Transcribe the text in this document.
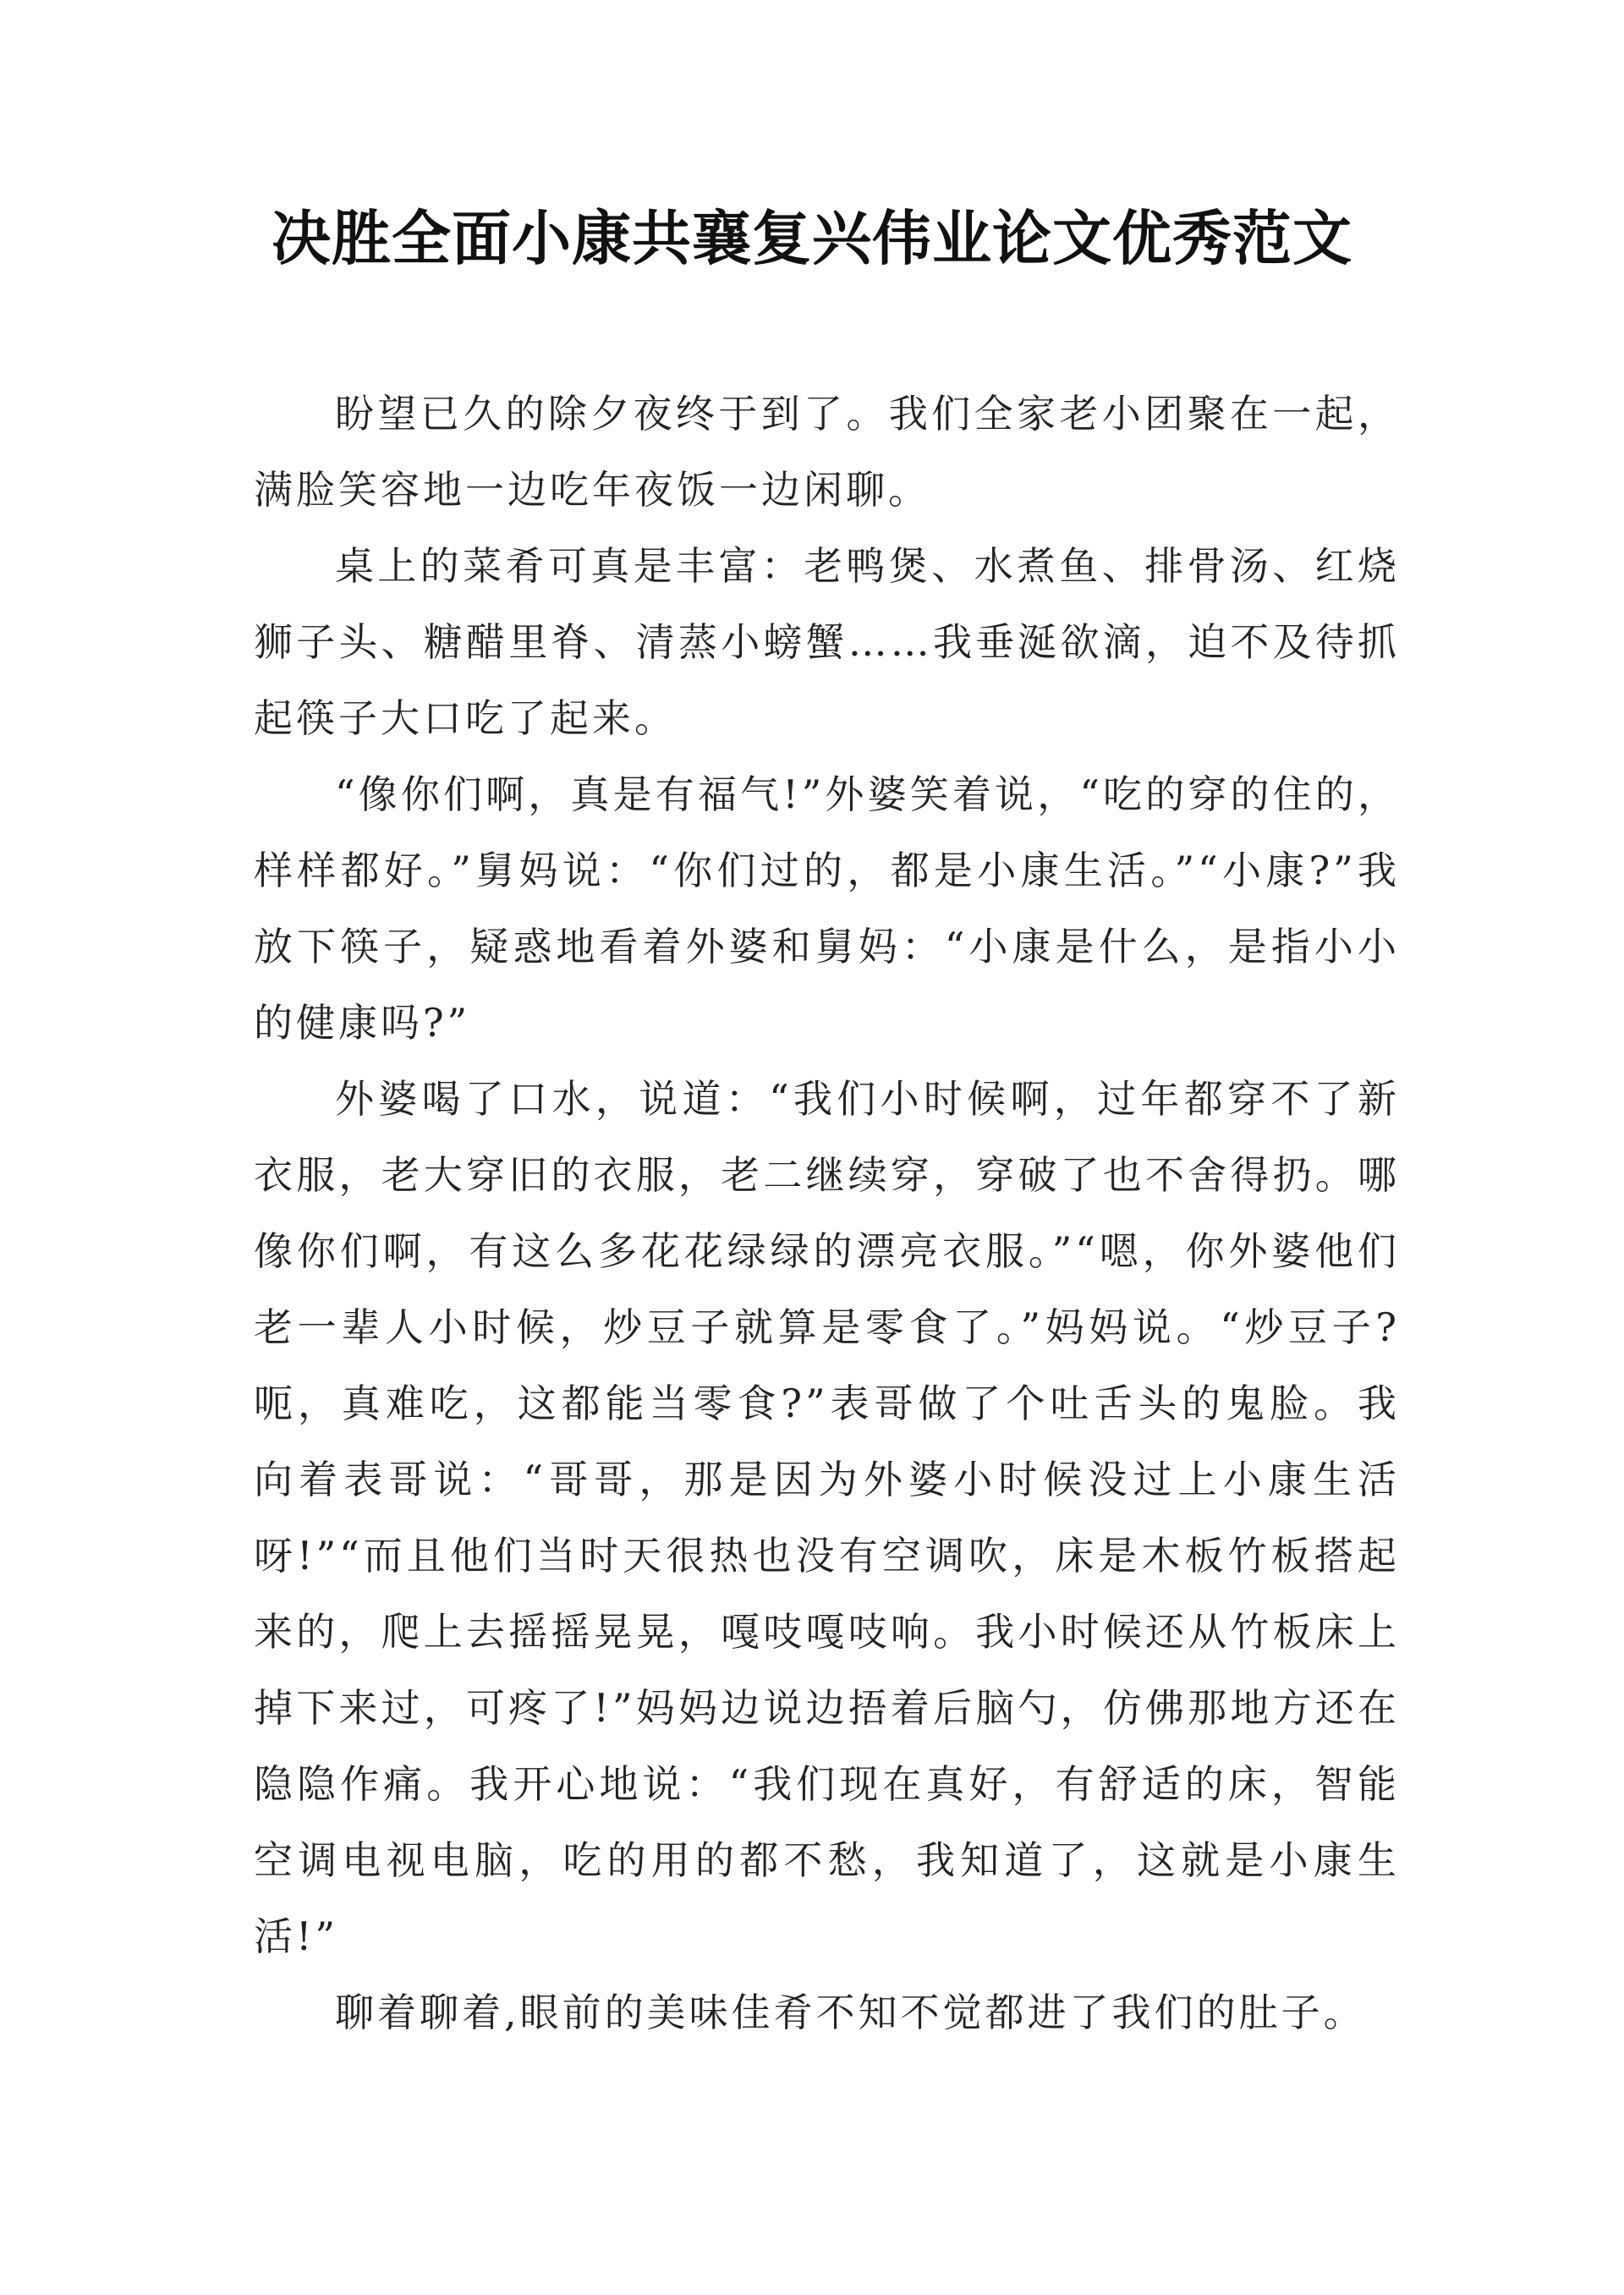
决胜全面小康共襄复兴伟业论文优秀范文

盼望已久的除夕夜终于到了。我们全家老小团聚在一起，满脸笑容地一边吃年夜饭一边闲聊。

桌上的菜肴可真是丰富：老鸭煲、水煮鱼、排骨汤、红烧狮子头、糖醋里脊、清蒸小螃蟹……我垂涎欲滴，迫不及待抓起筷子大口吃了起来。

“像你们啊，真是有福气!”外婆笑着说，“吃的穿的住的，样样都好。”舅妈说：“你们过的，都是小康生活。”“小康?”我放下筷子，疑惑地看着外婆和舅妈：“小康是什么，是指小小的健康吗?”

外婆喝了口水，说道：“我们小时候啊，过年都穿不了新衣服，老大穿旧的衣服，老二继续穿，穿破了也不舍得扔。哪像你们啊，有这么多花花绿绿的漂亮衣服。”“嗯，你外婆他们老一辈人小时候，炒豆子就算是零食了。”妈妈说。“炒豆子?呃，真难吃，这都能当零食?”表哥做了个吐舌头的鬼脸。我向着表哥说：“哥哥，那是因为外婆小时候没过上小康生活呀!”“而且他们当时天很热也没有空调吹，床是木板竹板搭起来的，爬上去摇摇晃晃，嘎吱嘎吱响。我小时候还从竹板床上掉下来过，可疼了!”妈妈边说边捂着后脑勺，仿佛那地方还在隐隐作痛。我开心地说：“我们现在真好，有舒适的床，智能空调电视电脑，吃的用的都不愁，我知道了，这就是小康生活!”

聊着聊着,眼前的美味佳肴不知不觉都进了我们的肚子。
